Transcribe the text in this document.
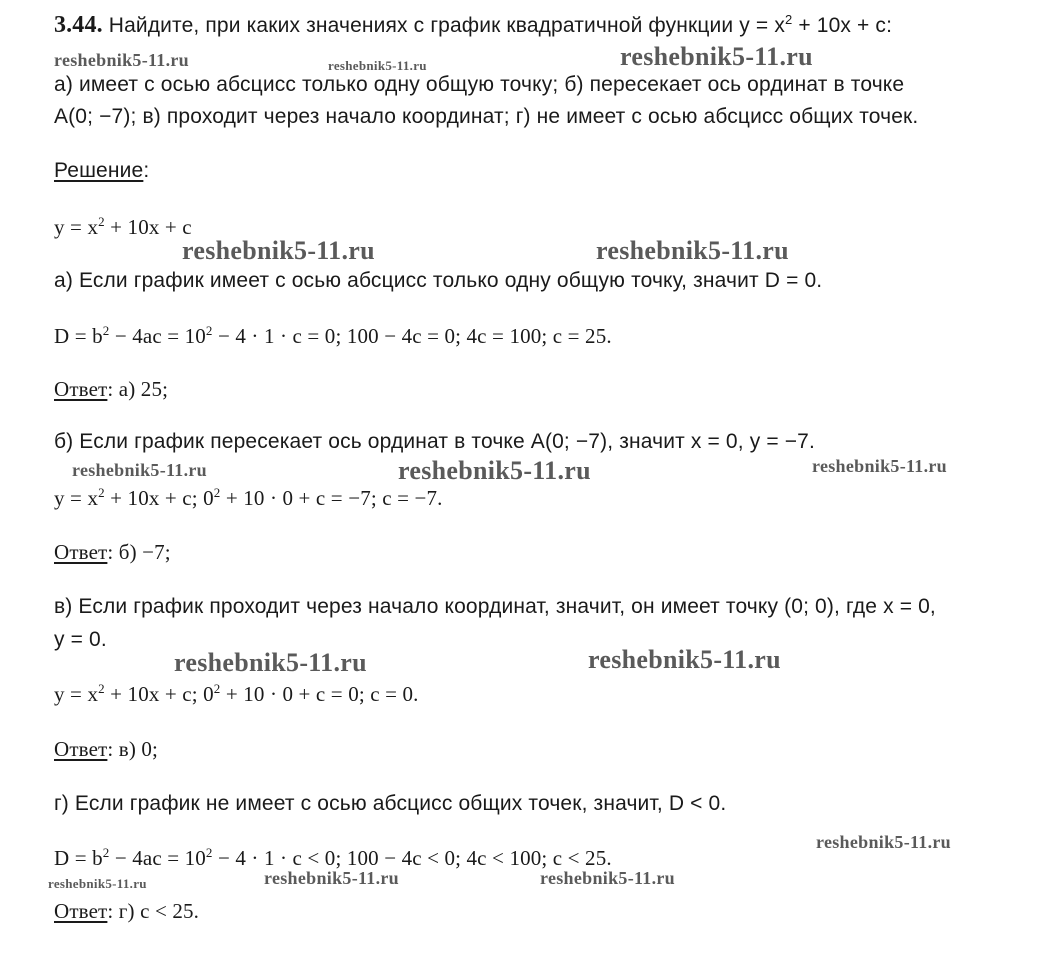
3.44. Найдите, при каких значениях c график квадратичной функции $y = x^2 + 10x + c$:
а) имеет с осью абсцисс только одну общую точку; б) пересекает ось ординат в точке
A(0; −7); в) проходит через начало координат; г) не имеет с осью абсцисс общих точек.
Решение:
$y = x^2 + 10x + c$
а) Если график имеет с осью абсцисс только одну общую точку, значит D = 0.
$D = b^2 - 4ac = 10^2 - 4 \cdot 1 \cdot c = 0$; 100 − 4c = 0; 4c = 100; c = 25.
Ответ: а) 25;
б) Если график пересекает ось ординат в точке A(0; −7), значит x = 0, y = −7.
$y = x^2 + 10x + c$; $0^2 + 10 \cdot 0 + c = -7$; c = −7.
Ответ: б) −7;
в) Если график проходит через начало координат, значит, он имеет точку (0; 0), где x = 0,
y = 0.
$y = x^2 + 10x + c$; $0^2 + 10 \cdot 0 + c = 0$; c = 0.
Ответ: в) 0;
г) Если график не имеет с осью абсцисс общих точек, значит, D < 0.
$D = b^2 - 4ac = 10^2 - 4 \cdot 1 \cdot c < 0$; 100 − 4c < 0; 4c < 100; c < 25.
Ответ: г) c < 25.
reshebnik5-11.ru	reshebnik5-11.ru	reshebnik5-11.ru
reshebnik5-11.ru	reshebnik5-11.ru
reshebnik5-11.ru	reshebnik5-11.ru	reshebnik5-11.ru
reshebnik5-11.ru	reshebnik5-11.ru
reshebnik5-11.ru
reshebnik5-11.ru	reshebnik5-11.ru	reshebnik5-11.ru
